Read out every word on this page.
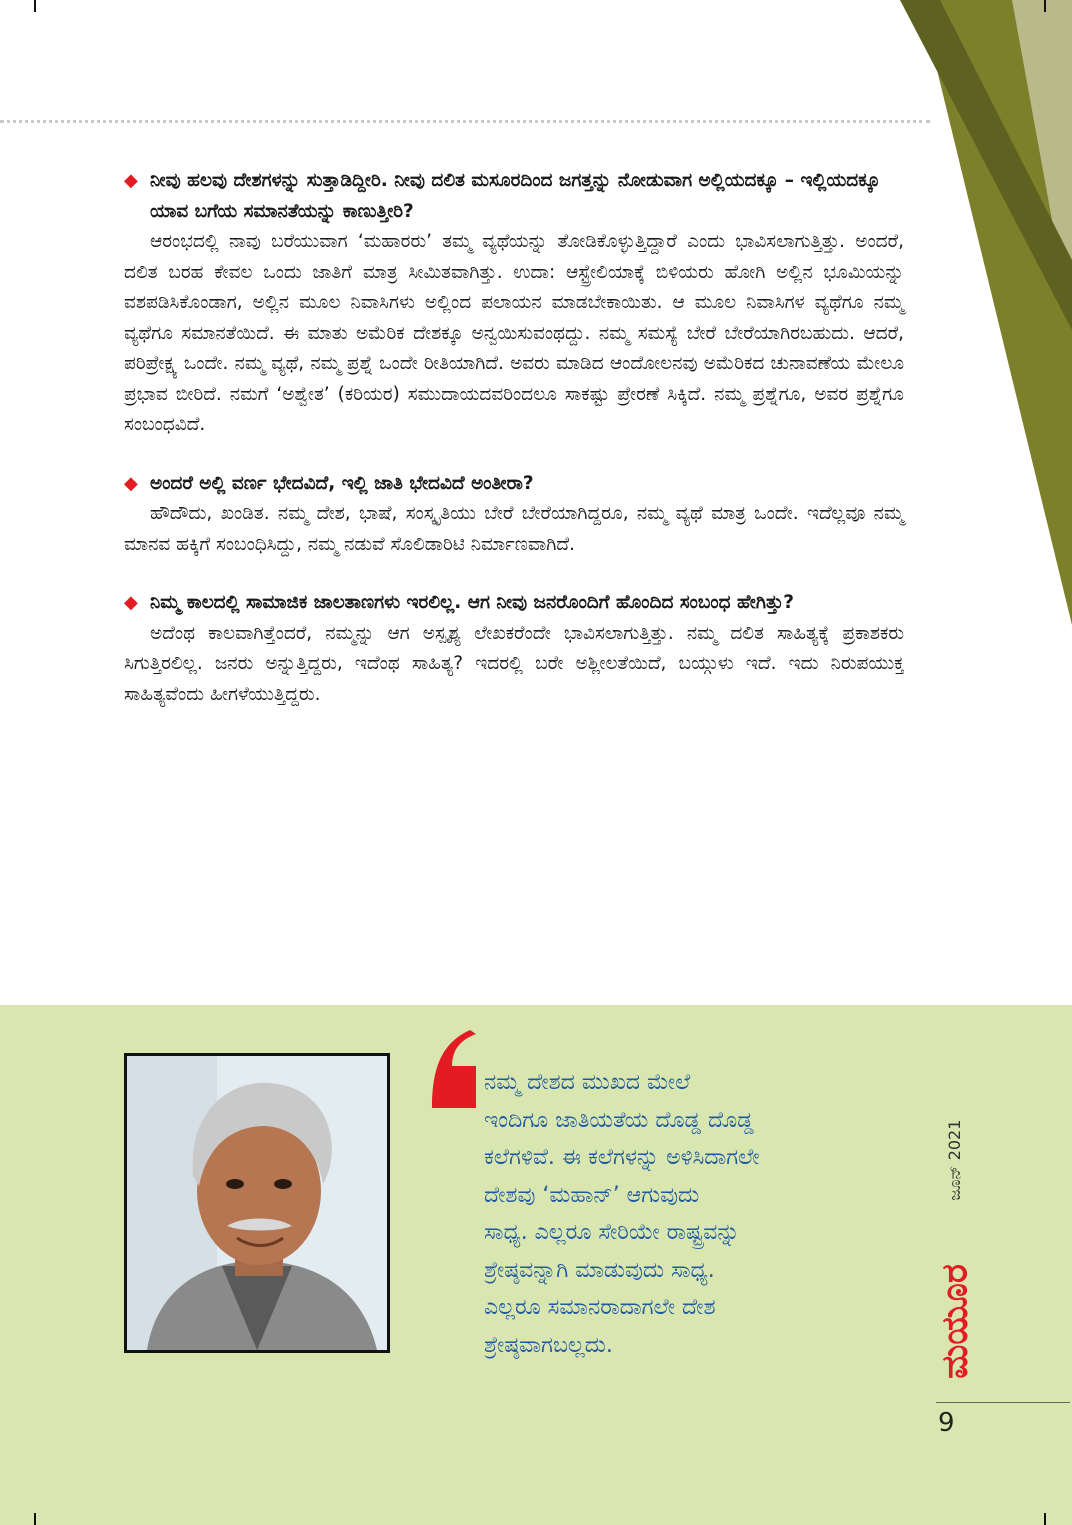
◆ ನೀವು ಹಲವು ದೇಶಗಳನ್ನು ಸುತ್ತಾಡಿದ್ದೀರಿ. ನೀವು ದಲಿತ ಮಸೂರದಿಂದ ಜಗತ್ತನ್ನು ನೋಡುವಾಗ ಅಲ್ಲಿಯದಕ್ಕೂ – ಇಲ್ಲಿಯದಕ್ಕೂ ಯಾವ ಬಗೆಯ ಸಮಾನತೆಯನ್ನು ಕಾಣುತ್ತೀರಿ?

ಆರಂಭದಲ್ಲಿ ನಾವು ಬರೆಯುವಾಗ ‘ಮಹಾರರು’ ತಮ್ಮ ವ್ಯಥೆಯನ್ನು ತೋಡಿಕೊಳ್ಳುತ್ತಿದ್ದಾರೆ ಎಂದು ಭಾವಿಸಲಾಗುತ್ತಿತ್ತು. ಅಂದರೆ, ದಲಿತ ಬರಹ ಕೇವಲ ಒಂದು ಜಾತಿಗೆ ಮಾತ್ರ ಸೀಮಿತವಾಗಿತ್ತು. ಉದಾ: ಆಸ್ಟ್ರೇಲಿಯಾಕ್ಕೆ ಬಿಳಿಯರು ಹೋಗಿ ಅಲ್ಲಿನ ಭೂಮಿಯನ್ನು ವಶಪಡಿಸಿಕೊಂಡಾಗ, ಅಲ್ಲಿನ ಮೂಲ ನಿವಾಸಿಗಳು ಅಲ್ಲಿಂದ ಪಲಾಯನ ಮಾಡಬೇಕಾಯಿತು. ಆ ಮೂಲ ನಿವಾಸಿಗಳ ವ್ಯಥೆಗೂ ನಮ್ಮ ವ್ಯಥೆಗೂ ಸಮಾನತೆಯಿದೆ. ಈ ಮಾತು ಅಮೆರಿಕ ದೇಶಕ್ಕೂ ಅನ್ವಯಿಸುವಂಥದ್ದು. ನಮ್ಮ ಸಮಸ್ಯೆ ಬೇರೆ ಬೇರೆಯಾಗಿರಬಹುದು. ಆದರೆ, ಪರಿಪ್ರೇಕ್ಷ್ಯ ಒಂದೇ. ನಮ್ಮ ವ್ಯಥೆ, ನಮ್ಮ ಪ್ರಶ್ನೆ ಒಂದೇ ರೀತಿಯಾಗಿದೆ. ಅವರು ಮಾಡಿದ ಆಂದೋಲನವು ಅಮೆರಿಕದ ಚುನಾವಣೆಯ ಮೇಲೂ ಪ್ರಭಾವ ಬೀರಿದೆ. ನಮಗೆ ‘ಅಶ್ವೇತ’ (ಕರಿಯರ) ಸಮುದಾಯದವರಿಂದಲೂ ಸಾಕಷ್ಟು ಪ್ರೇರಣೆ ಸಿಕ್ಕಿದೆ. ನಮ್ಮ ಪ್ರಶ್ನೆಗೂ, ಅವರ ಪ್ರಶ್ನೆಗೂ ಸಂಬಂಧವಿದೆ.

◆ ಅಂದರೆ ಅಲ್ಲಿ ವರ್ಣ ಭೇದವಿದೆ, ಇಲ್ಲಿ ಜಾತಿ ಭೇದವಿದೆ ಅಂತೀರಾ?

ಹೌದೌದು, ಖಂಡಿತ. ನಮ್ಮ ದೇಶ, ಭಾಷೆ, ಸಂಸ್ಕೃತಿಯು ಬೇರೆ ಬೇರೆಯಾಗಿದ್ದರೂ, ನಮ್ಮ ವ್ಯಥೆ ಮಾತ್ರ ಒಂದೇ. ಇದೆಲ್ಲವೂ ನಮ್ಮ ಮಾನವ ಹಕ್ಕಿಗೆ ಸಂಬಂಧಿಸಿದ್ದು, ನಮ್ಮ ನಡುವೆ ಸೊಲಿಡಾರಿಟಿ ನಿರ್ಮಾಣವಾಗಿದೆ.

◆ ನಿಮ್ಮ ಕಾಲದಲ್ಲಿ ಸಾಮಾಜಿಕ ಜಾಲತಾಣಗಳು ಇರಲಿಲ್ಲ. ಆಗ ನೀವು ಜನರೊಂದಿಗೆ ಹೊಂದಿದ ಸಂಬಂಧ ಹೇಗಿತ್ತು?

ಅದೆಂಥ ಕಾಲವಾಗಿತ್ತೆಂದರೆ, ನಮ್ಮನ್ನು ಆಗ ಅಸ್ಪೃಶ್ಯ ಲೇಖಕರೆಂದೇ ಭಾವಿಸಲಾಗುತ್ತಿತ್ತು. ನಮ್ಮ ದಲಿತ ಸಾಹಿತ್ಯಕ್ಕೆ ಪ್ರಕಾಶಕರು ಸಿಗುತ್ತಿರಲಿಲ್ಲ. ಜನರು ಅನ್ನುತ್ತಿದ್ದರು, ಇದೆಂಥ ಸಾಹಿತ್ಯ? ಇದರಲ್ಲಿ ಬರೇ ಅಶ್ಲೀಲತೆಯಿದೆ, ಬಯ್ಗುಳು ಇದೆ. ಇದು ನಿರುಪಯುಕ್ತ ಸಾಹಿತ್ಯವೆಂದು ಹೀಗಳೆಯುತ್ತಿದ್ದರು.

ನಮ್ಮ ದೇಶದ ಮುಖದ ಮೇಲೆ
ಇಂದಿಗೂ ಜಾತಿಯತೆಯ ದೊಡ್ಡ ದೊಡ್ಡ
ಕಲೆಗಳಿವೆ. ಈ ಕಲೆಗಳನ್ನು ಅಳಿಸಿದಾಗಲೇ
ದೇಶವು ‘ಮಹಾನ್’ ಆಗುವುದು
ಸಾಧ್ಯ. ಎಲ್ಲರೂ ಸೇರಿಯೇ ರಾಷ್ಟ್ರವನ್ನು
ಶ್ರೇಷ್ಠವನ್ನಾಗಿ ಮಾಡುವುದು ಸಾಧ್ಯ.
ಎಲ್ಲರೂ ಸಮಾನರಾದಾಗಲೇ ದೇಶ
ಶ್ರೇಷ್ಠವಾಗಬಲ್ಲದು.

ಜೂನ್ 2021
ಮಯೂರ
9
